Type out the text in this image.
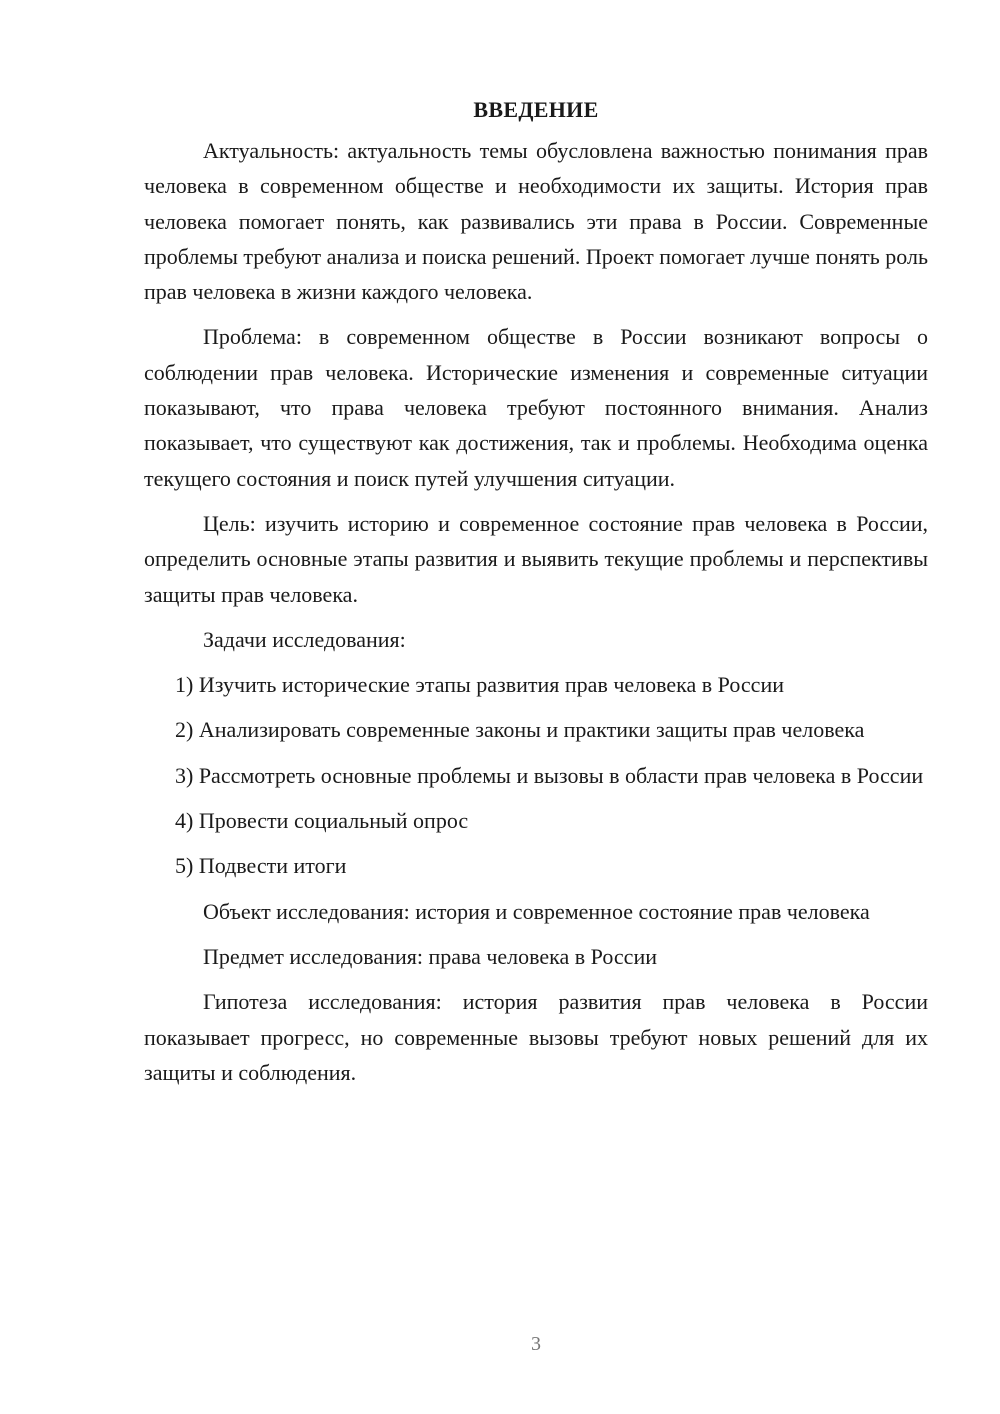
ВВЕДЕНИЕ

Актуальность: актуальность темы обусловлена важностью понимания прав человека в современном обществе и необходимости их защиты. История прав человека помогает понять, как развивались эти права в России. Современные проблемы требуют анализа и поиска решений. Проект помогает лучше понять роль прав человека в жизни каждого человека.

Проблема: в современном обществе в России возникают вопросы о соблюдении прав человека. Исторические изменения и современные ситуации показывают, что права человека требуют постоянного внимания. Анализ показывает, что существуют как достижения, так и проблемы. Необходима оценка текущего состояния и поиск путей улучшения ситуации.

Цель: изучить историю и современное состояние прав человека в России, определить основные этапы развития и выявить текущие проблемы и перспективы защиты прав человека.

Задачи исследования:

1) Изучить исторические этапы развития прав человека в России

2) Анализировать современные законы и практики защиты прав человека

3) Рассмотреть основные проблемы и вызовы в области прав человека в России

4) Провести социальный опрос

5) Подвести итоги

Объект исследования: история и современное состояние прав человека

Предмет исследования: права человека в России

Гипотеза исследования: история развития прав человека в России показывает прогресс, но современные вызовы требуют новых решений для их защиты и соблюдения.

3
